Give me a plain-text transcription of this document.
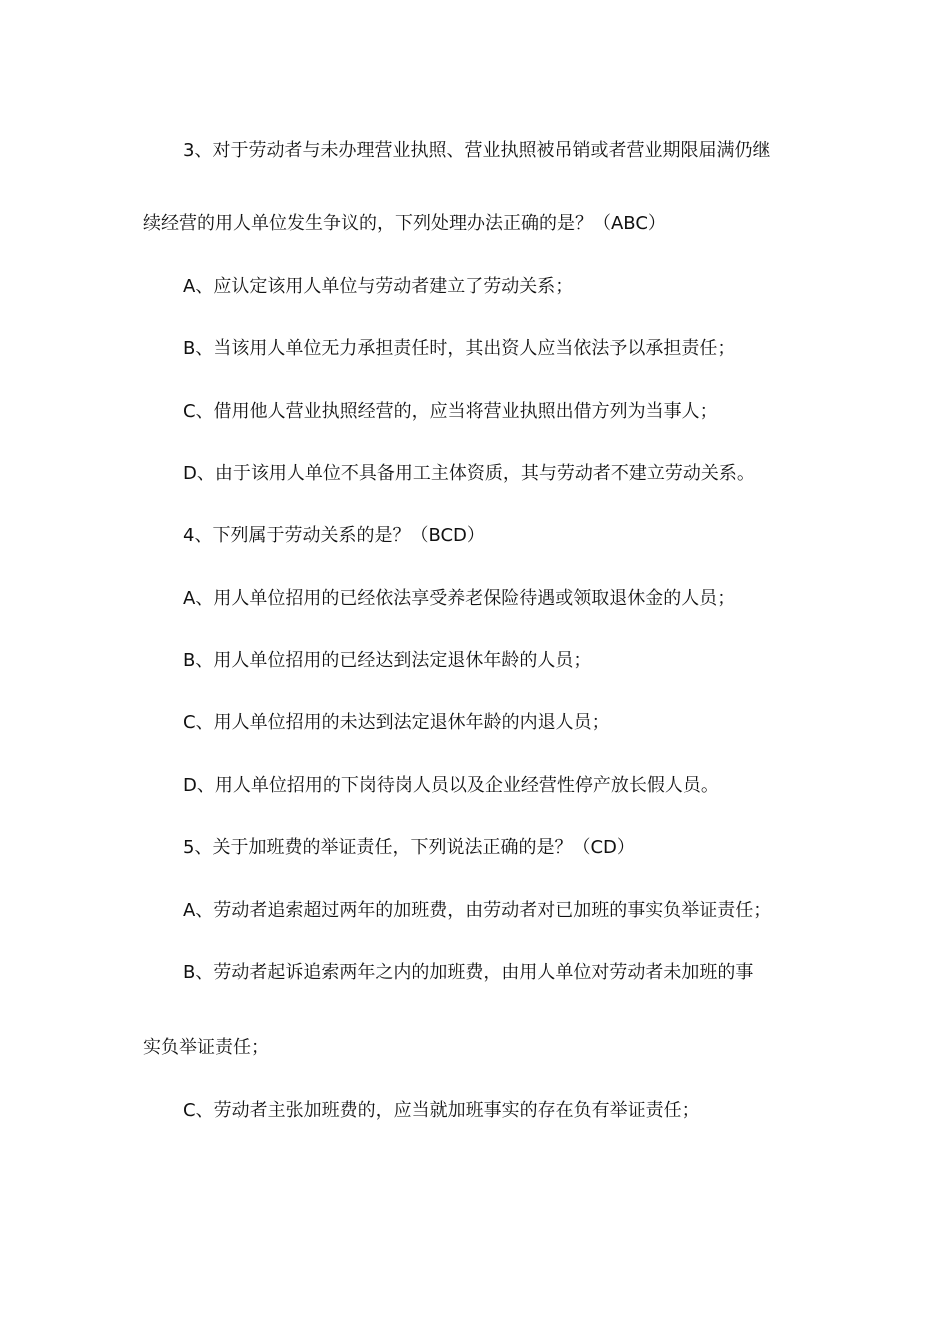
3、对于劳动者与未办理营业执照、营业执照被吊销或者营业期限届满仍继
续经营的用人单位发生争议的，下列处理办法正确的是？（ABC）
A、应认定该用人单位与劳动者建立了劳动关系；
B、当该用人单位无力承担责任时，其出资人应当依法予以承担责任；
C、借用他人营业执照经营的，应当将营业执照出借方列为当事人；
D、由于该用人单位不具备用工主体资质，其与劳动者不建立劳动关系。
4、下列属于劳动关系的是？（BCD）
A、用人单位招用的已经依法享受养老保险待遇或领取退休金的人员；
B、用人单位招用的已经达到法定退休年龄的人员；
C、用人单位招用的未达到法定退休年龄的内退人员；
D、用人单位招用的下岗待岗人员以及企业经营性停产放长假人员。
5、关于加班费的举证责任，下列说法正确的是？（CD）
A、劳动者追索超过两年的加班费，由劳动者对已加班的事实负举证责任；
B、劳动者起诉追索两年之内的加班费，由用人单位对劳动者未加班的事
实负举证责任；
C、劳动者主张加班费的，应当就加班事实的存在负有举证责任；
